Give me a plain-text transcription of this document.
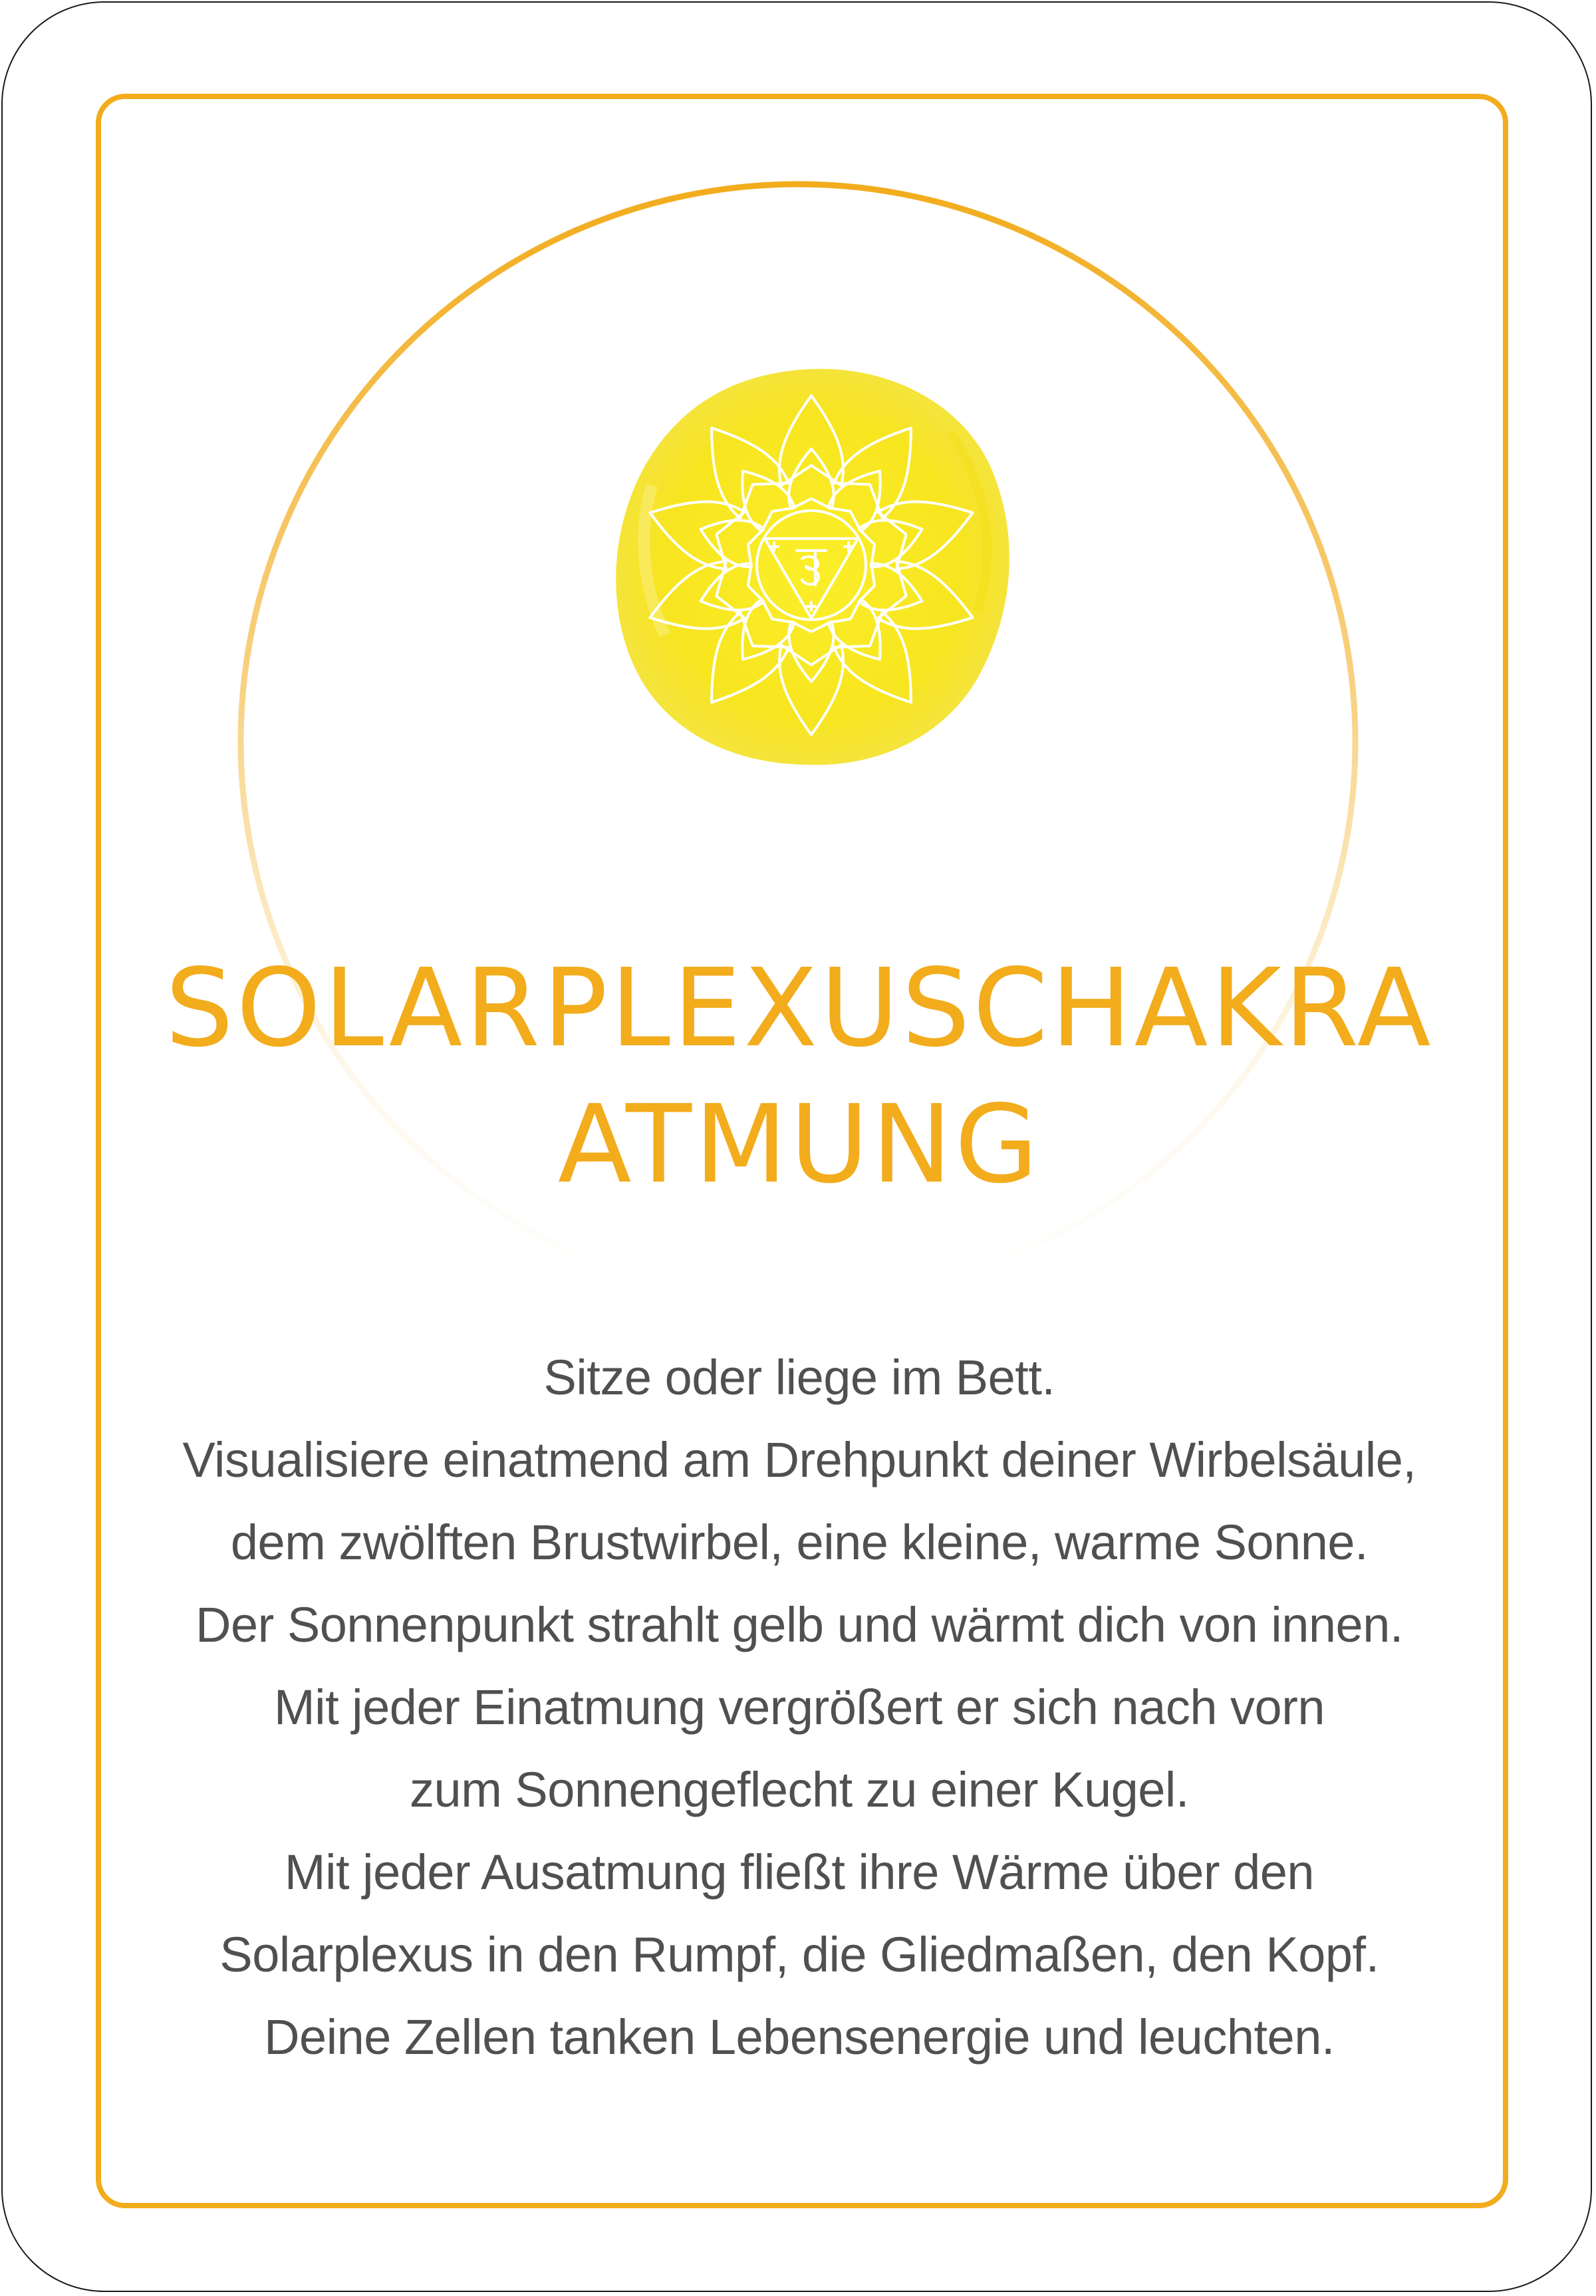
SOLARPLEXUSCHAKRA
ATMUNG
Sitze oder liege im Bett.
Visualisiere einatmend am Drehpunkt deiner Wirbelsäule,
dem zwölften Brustwirbel, eine kleine, warme Sonne.
Der Sonnenpunkt strahlt gelb und wärmt dich von innen.
Mit jeder Einatmung vergrößert er sich nach vorn
zum Sonnengeflecht zu einer Kugel.
Mit jeder Ausatmung fließt ihre Wärme über den
Solarplexus in den Rumpf, die Gliedmaßen, den Kopf.
Deine Zellen tanken Lebensenergie und leuchten.
